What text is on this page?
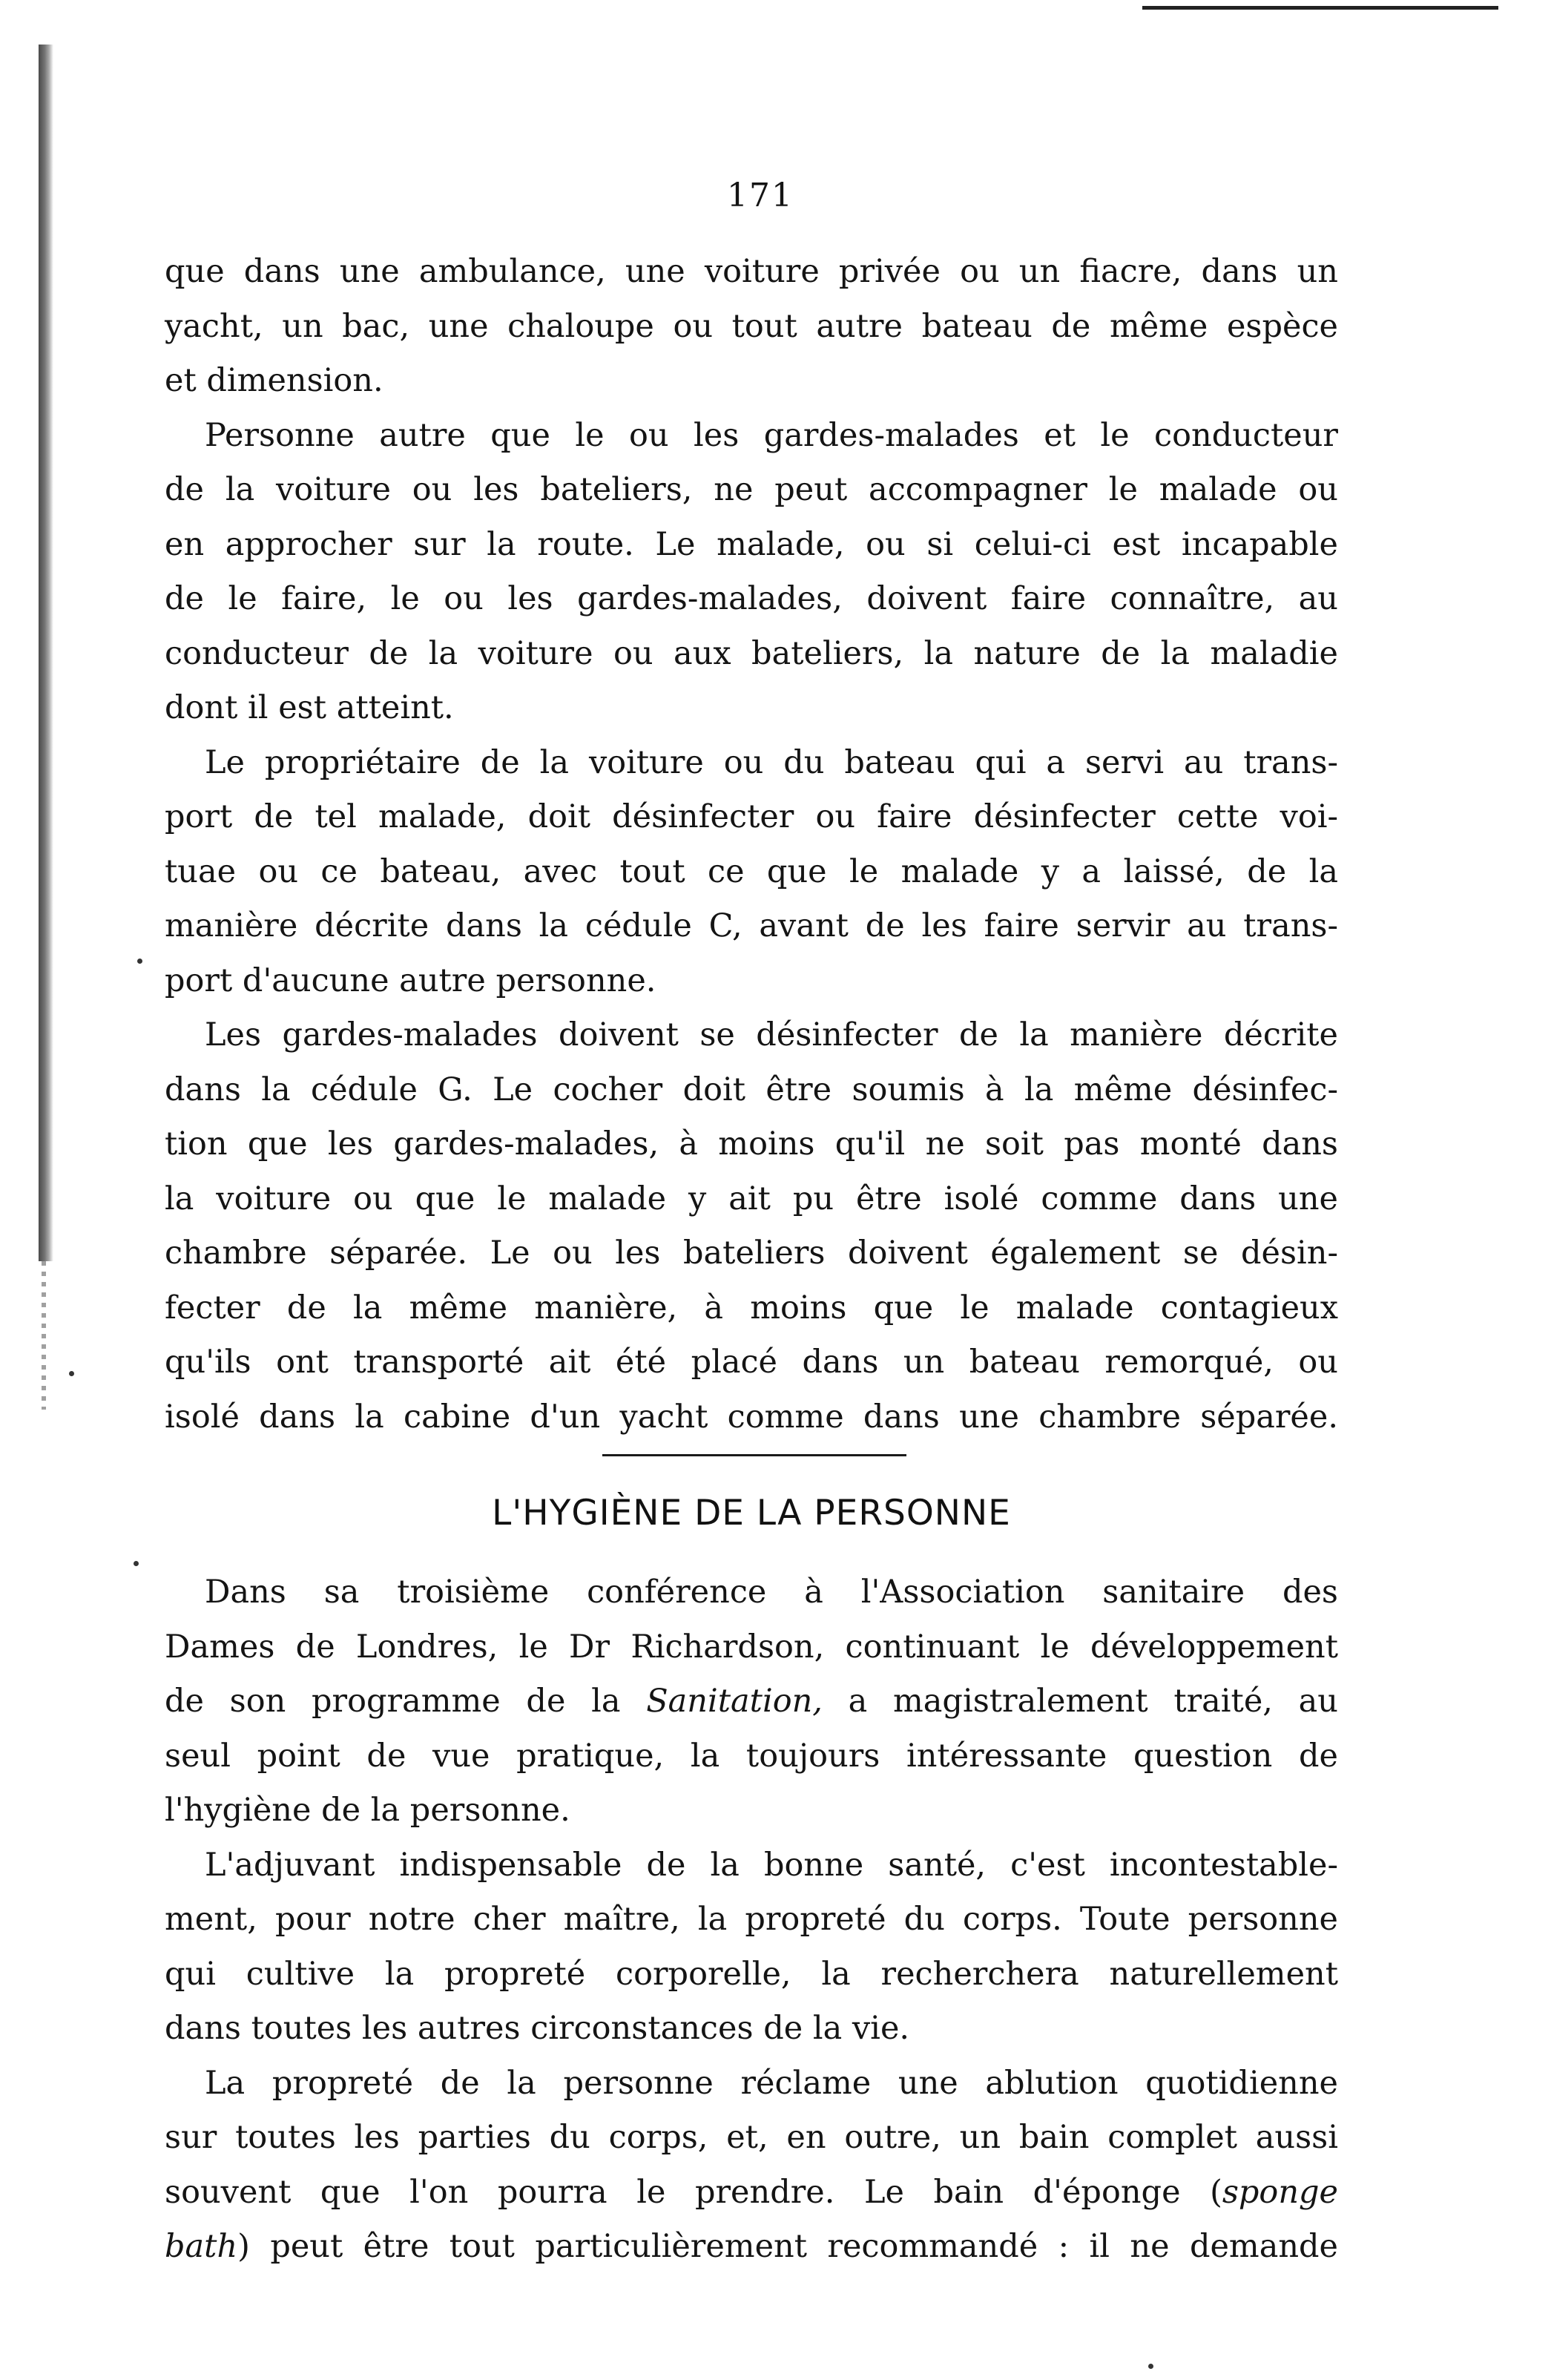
171
que dans une ambulance, une voiture privée ou un fiacre, dans un
yacht, un bac, une chaloupe ou tout autre bateau de même espèce
et dimension.
Personne autre que le ou les gardes-malades et le conducteur
de la voiture ou les bateliers, ne peut accompagner le malade ou
en approcher sur la route. Le malade, ou si celui-ci est incapable
de le faire, le ou les gardes-malades, doivent faire connaître, au
conducteur de la voiture ou aux bateliers, la nature de la maladie
dont il est atteint.
Le propriétaire de la voiture ou du bateau qui a servi au trans-
port de tel malade, doit désinfecter ou faire désinfecter cette voi-
tuae ou ce bateau, avec tout ce que le malade y a laissé, de la
manière décrite dans la cédule C, avant de les faire servir au trans-
port d'aucune autre personne.
Les gardes-malades doivent se désinfecter de la manière décrite
dans la cédule G. Le cocher doit être soumis à la même désinfec-
tion que les gardes-malades, à moins qu'il ne soit pas monté dans
la voiture ou que le malade y ait pu être isolé comme dans une
chambre séparée. Le ou les bateliers doivent également se désin-
fecter de la même manière, à moins que le malade contagieux
qu'ils ont transporté ait été placé dans un bateau remorqué, ou
isolé dans la cabine d'un yacht comme dans une chambre séparée.
L'HYGIÈNE DE LA PERSONNE
Dans sa troisième conférence à l'Association sanitaire des
Dames de Londres, le Dr Richardson, continuant le développement
de son programme de la Sanitation, a magistralement traité, au
seul point de vue pratique, la toujours intéressante question de
l'hygiène de la personne.
L'adjuvant indispensable de la bonne santé, c'est incontestable-
ment, pour notre cher maître, la propreté du corps. Toute personne
qui cultive la propreté corporelle, la recherchera naturellement
dans toutes les autres circonstances de la vie.
La propreté de la personne réclame une ablution quotidienne
sur toutes les parties du corps, et, en outre, un bain complet aussi
souvent que l'on pourra le prendre. Le bain d'éponge (sponge
bath) peut être tout particulièrement recommandé : il ne demande
